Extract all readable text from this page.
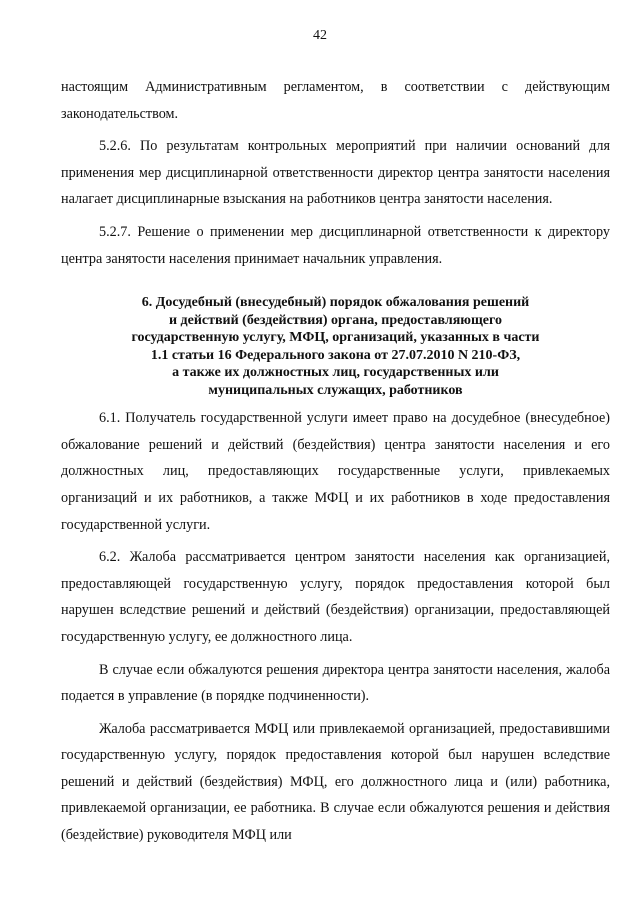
42

настоящим Административным регламентом, в соответствии с действующим законодательством.

5.2.6. По результатам контрольных мероприятий при наличии оснований для применения мер дисциплинарной ответственности директор центра занятости населения налагает дисциплинарные взыскания на работников центра занятости населения.

5.2.7. Решение о применении мер дисциплинарной ответственности к директору центра занятости населения принимает начальник управления.

6. Досудебный (внесудебный) порядок обжалования решений
и действий (бездействия) органа, предоставляющего
государственную услугу, МФЦ, организаций, указанных в части
1.1 статьи 16 Федерального закона от 27.07.2010 N 210-ФЗ,
а также их должностных лиц, государственных или
муниципальных служащих, работников

6.1. Получатель государственной услуги имеет право на досудебное (внесудебное) обжалование решений и действий (бездействия) центра занятости населения и его должностных лиц, предоставляющих государственные услуги, привлекаемых организаций и их работников, а также МФЦ и их работников в ходе предоставления государственной услуги.

6.2. Жалоба рассматривается центром занятости населения как организацией, предоставляющей государственную услугу, порядок предоставления которой был нарушен вследствие решений и действий (бездействия) организации, предоставляющей государственную услугу, ее должностного лица.

В случае если обжалуются решения директора центра занятости населения, жалоба подается в управление (в порядке подчиненности).

Жалоба рассматривается МФЦ или привлекаемой организацией, предоставившими государственную услугу, порядок предоставления которой был нарушен вследствие решений и действий (бездействия) МФЦ, его должностного лица и (или) работника, привлекаемой организации, ее работника. В случае если обжалуются решения и действия (бездействие) руководителя МФЦ или
